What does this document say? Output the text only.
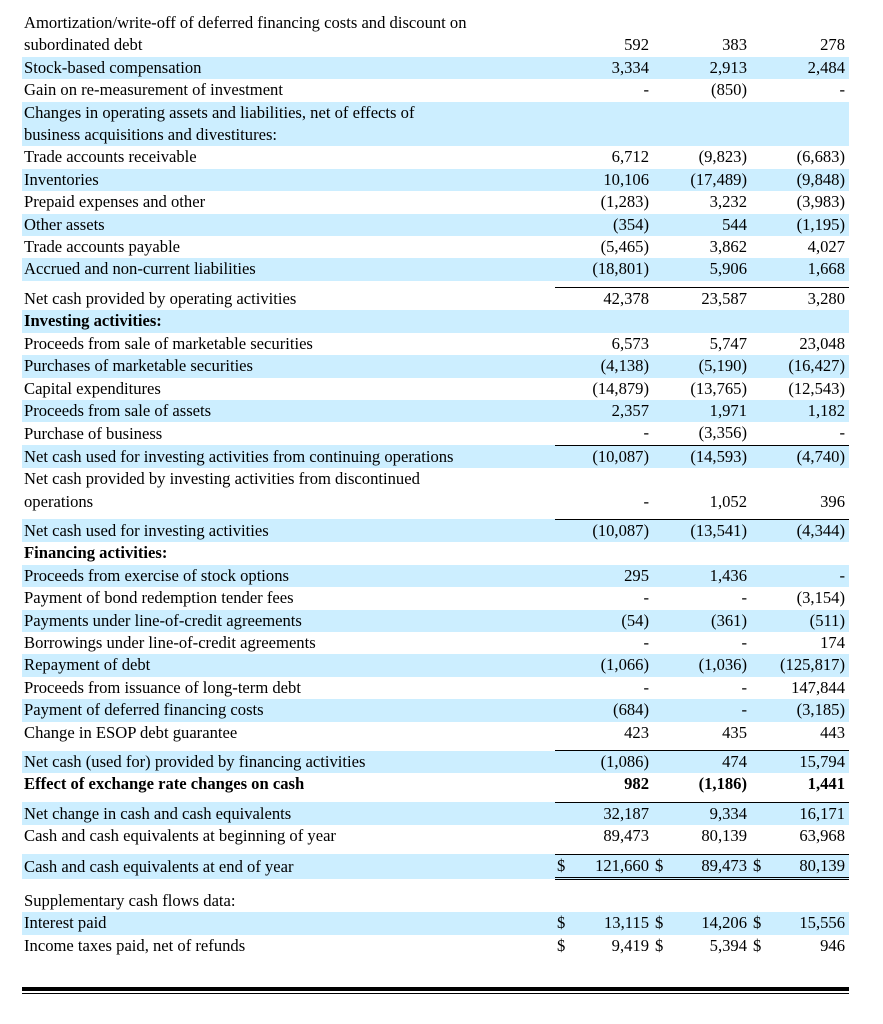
Amortization/write-off of deferred financing costs and discount on						
subordinated debt		592		383		278
Stock-based compensation		3,334		2,913		2,484
Gain on re-measurement of investment		-		(850)		-
Changes in operating assets and liabilities, net of effects of						
business acquisitions and divestitures:						
Trade accounts receivable		6,712		(9,823)		(6,683)
Inventories		10,106		(17,489)		(9,848)
Prepaid expenses and other		(1,283)		3,232		(3,983)
Other assets		(354)		544		(1,195)
Trade accounts payable		(5,465)		3,862		4,027
Accrued and non-current liabilities		(18,801)		5,906		1,668

Net cash provided by operating activities		42,378		23,587		3,280
Investing activities:						
Proceeds from sale of marketable securities		6,573		5,747		23,048
Purchases of marketable securities		(4,138)		(5,190)		(16,427)
Capital expenditures		(14,879)		(13,765)		(12,543)
Proceeds from sale of assets		2,357		1,971		1,182
Purchase of business		-		(3,356)		-
Net cash used for investing activities from continuing operations		(10,087)		(14,593)		(4,740)
Net cash provided by investing activities from discontinued						
operations		-		1,052		396

Net cash used for investing activities		(10,087)		(13,541)		(4,344)
Financing activities:						
Proceeds from exercise of stock options		295		1,436		-
Payment of bond redemption tender fees		-		-		(3,154)
Payments under line-of-credit agreements		(54)		(361)		(511)
Borrowings under line-of-credit agreements		-		-		174
Repayment of debt		(1,066)		(1,036)		(125,817)
Proceeds from issuance of long-term debt		-		-		147,844
Payment of deferred financing costs		(684)		-		(3,185)
Change in ESOP debt guarantee		423		435		443

Net cash (used for) provided by financing activities		(1,086)		474		15,794
Effect of exchange rate changes on cash		982		(1,186)		1,441

Net change in cash and cash equivalents		32,187		9,334		16,171
Cash and cash equivalents at beginning of year		89,473		80,139		63,968

Cash and cash equivalents at end of year	$	121,660	$	89,473	$	80,139

Supplementary cash flows data:						
Interest paid	$	13,115	$	14,206	$	15,556
Income taxes paid, net of refunds	$	9,419	$	5,394	$	946
